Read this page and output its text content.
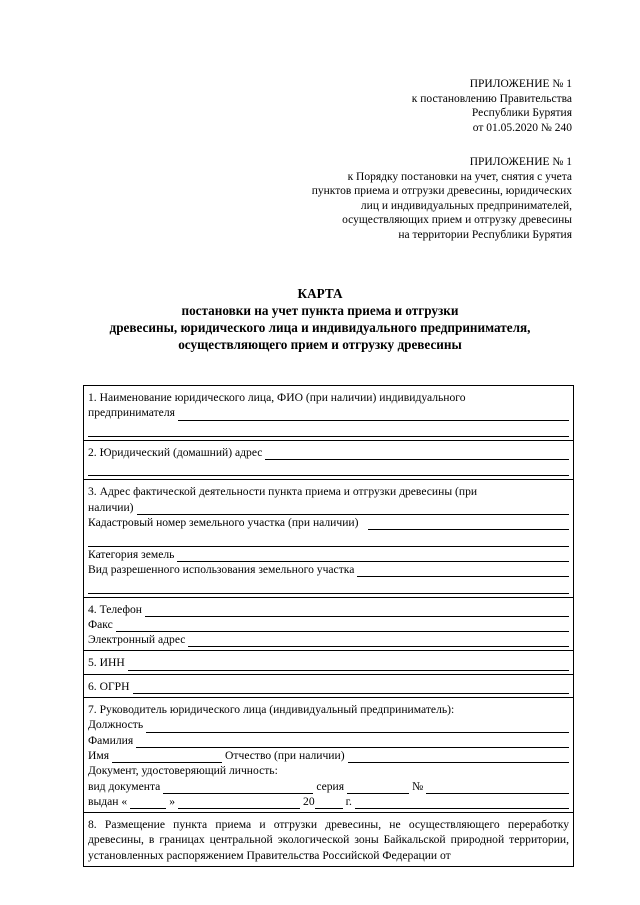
ПРИЛОЖЕНИЕ № 1
к постановлению Правительства
Республики Бурятия
от 01.05.2020 № 240
ПРИЛОЖЕНИЕ № 1
к Порядку постановки на учет, снятия с учета
пунктов приема и отгрузки древесины, юридических
лиц и индивидуальных предпринимателей,
осуществляющих прием и отгрузку древесины
на территории Республики Бурятия
КАРТА
постановки на учет пункта приема и отгрузки
древесины, юридического лица и индивидуального предпринимателя,
осуществляющего прием и отгрузку древесины
1. Наименование юридического лица, ФИО (при наличии) индивидуального
предпринимателя
2. Юридический (домашний) адрес
3. Адрес фактической деятельности пункта приема и отгрузки древесины (при
наличии)
Кадастровый номер земельного участка (при наличии)
Категория земель
Вид разрешенного использования земельного участка
4. Телефон
Факс
Электронный адрес
5. ИНН
6. ОГРН
7. Руководитель юридического лица (индивидуальный предприниматель):
Должность
Фамилия
Имя	Отчество (при наличии)
Документ, удостоверяющий личность:
вид документа	серия	№
выдан «	»	20	г.
8. Размещение пункта приема и отгрузки древесины, не осуществляющего переработку древесины, в границах центральной экологической зоны Байкальской природной территории, установленных распоряжением Правительства Российской Федерации от
